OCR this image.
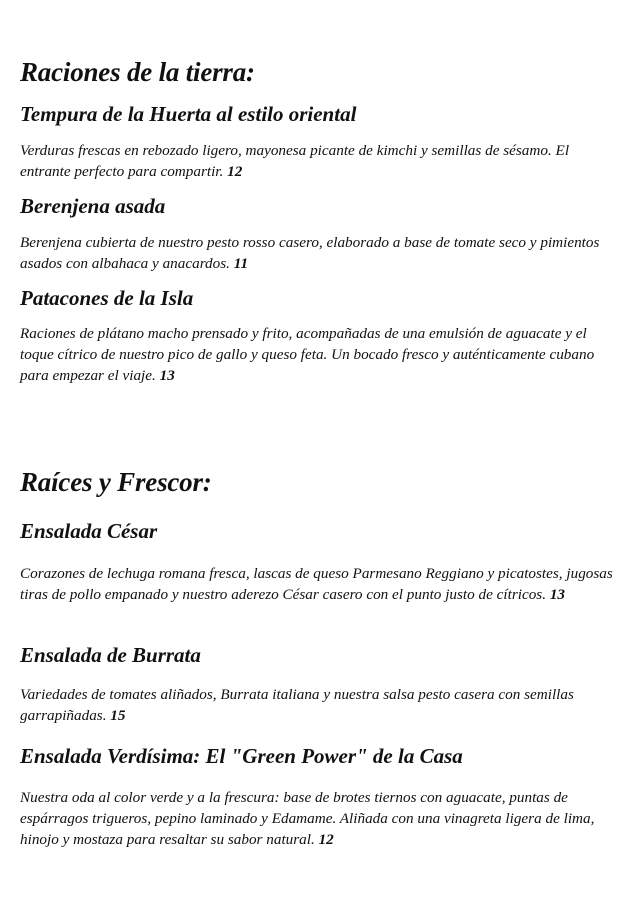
Raciones de la tierra:
Tempura de la Huerta al estilo oriental

Verduras frescas en rebozado ligero, mayonesa picante de kimchi y semillas de sésamo. El entrante perfecto para compartir. 12

Berenjena asada

Berenjena cubierta de nuestro pesto rosso casero, elaborado a base de tomate seco y pimientos asados con albahaca y anacardos. 11

Patacones de la Isla

Raciones de plátano macho prensado y frito, acompañadas de una emulsión de aguacate y el toque cítrico de nuestro pico de gallo y queso feta. Un bocado fresco y auténticamente cubano para empezar el viaje. 13

Raíces y Frescor:
Ensalada César

Corazones de lechuga romana fresca, lascas de queso Parmesano Reggiano y picatostes, jugosas tiras de pollo empanado y nuestro aderezo César casero con el punto justo de cítricos. 13

Ensalada de Burrata

Variedades de tomates aliñados, Burrata italiana y nuestra salsa pesto casera con semillas garrapiñadas. 15

Ensalada Verdísima: El "Green Power" de la Casa

Nuestra oda al color verde y a la frescura: base de brotes tiernos con aguacate, puntas de espárragos trigueros, pepino laminado y Edamame. Aliñada con una vinagreta ligera de lima, hinojo y mostaza para resaltar su sabor natural. 12
